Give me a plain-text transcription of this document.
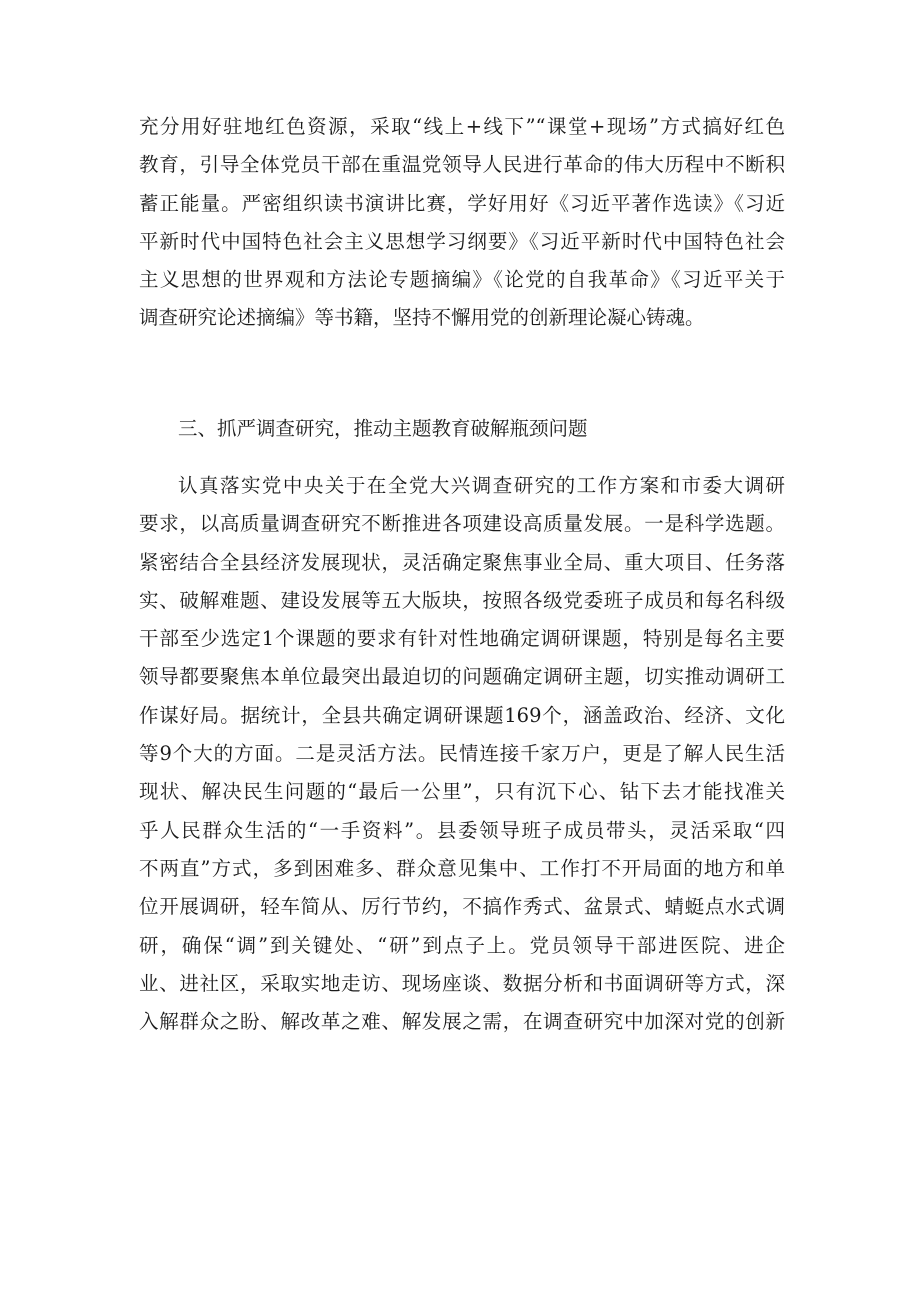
充分用好驻地红色资源，采取“线上+线下”“课堂+现场”方式搞好红色
教育，引导全体党员干部在重温党领导人民进行革命的伟大历程中不断积
蓄正能量。严密组织读书演讲比赛，学好用好《习近平著作选读》《习近
平新时代中国特色社会主义思想学习纲要》《习近平新时代中国特色社会
主义思想的世界观和方法论专题摘编》《论党的自我革命》《习近平关于
调查研究论述摘编》等书籍，坚持不懈用党的创新理论凝心铸魂。
三、抓严调查研究，推动主题教育破解瓶颈问题
认真落实党中央关于在全党大兴调查研究的工作方案和市委大调研
要求，以高质量调查研究不断推进各项建设高质量发展。一是科学选题。
紧密结合全县经济发展现状，灵活确定聚焦事业全局、重大项目、任务落
实、破解难题、建设发展等五大版块，按照各级党委班子成员和每名科级
干部至少选定1个课题的要求有针对性地确定调研课题，特别是每名主要
领导都要聚焦本单位最突出最迫切的问题确定调研主题，切实推动调研工
作谋好局。据统计，全县共确定调研课题169个，涵盖政治、经济、文化
等9个大的方面。二是灵活方法。民情连接千家万户，更是了解人民生活
现状、解决民生问题的“最后一公里”，只有沉下心、钻下去才能找准关
乎人民群众生活的“一手资料”。县委领导班子成员带头，灵活采取“四
不两直”方式，多到困难多、群众意见集中、工作打不开局面的地方和单
位开展调研，轻车简从、厉行节约，不搞作秀式、盆景式、蜻蜓点水式调
研，确保“调”到关键处、“研”到点子上。党员领导干部进医院、进企
业、进社区，采取实地走访、现场座谈、数据分析和书面调研等方式，深
入解群众之盼、解改革之难、解发展之需，在调查研究中加深对党的创新
